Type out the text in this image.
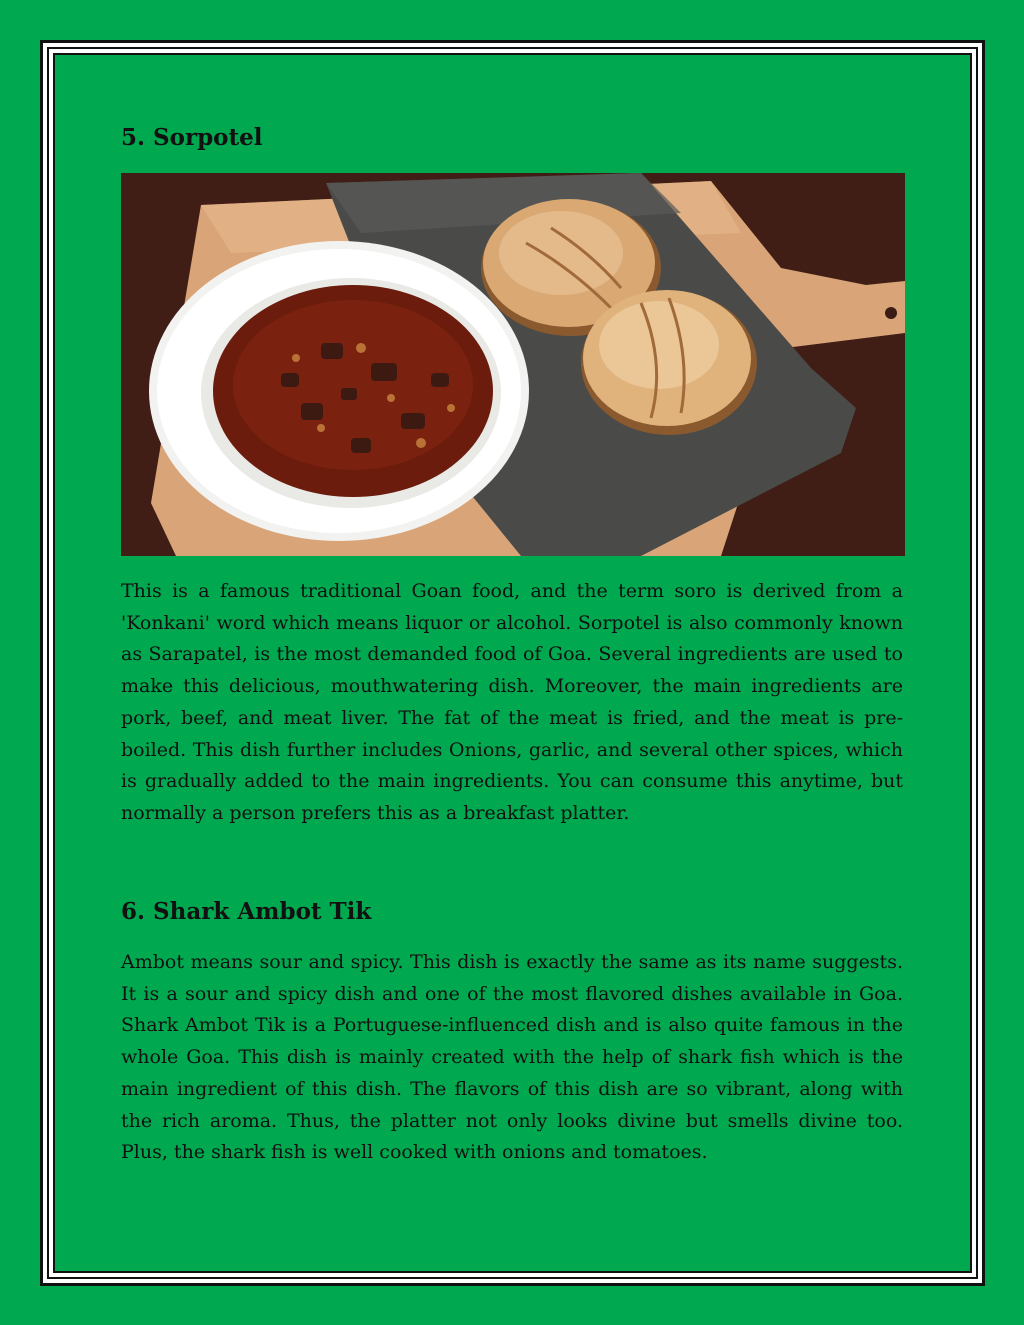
5. Sorpotel

This is a famous traditional Goan food, and the term soro is derived from a 'Konkani' word which means liquor or alcohol. Sorpotel is also commonly known as Sarapatel, is the most demanded food of Goa. Several ingredients are used to make this delicious, mouthwatering dish. Moreover, the main ingredients are pork, beef, and meat liver. The fat of the meat is fried, and the meat is pre-boiled. This dish further includes Onions, garlic, and several other spices, which is gradually added to the main ingredients. You can consume this anytime, but normally a person prefers this as a breakfast platter.

6. Shark Ambot Tik

Ambot means sour and spicy. This dish is exactly the same as its name suggests. It is a sour and spicy dish and one of the most flavored dishes available in Goa. Shark Ambot Tik is a Portuguese-influenced dish and is also quite famous in the whole Goa. This dish is mainly created with the help of shark fish which is the main ingredient of this dish. The flavors of this dish are so vibrant, along with the rich aroma. Thus, the platter not only looks divine but smells divine too. Plus, the shark fish is well cooked with onions and tomatoes.
